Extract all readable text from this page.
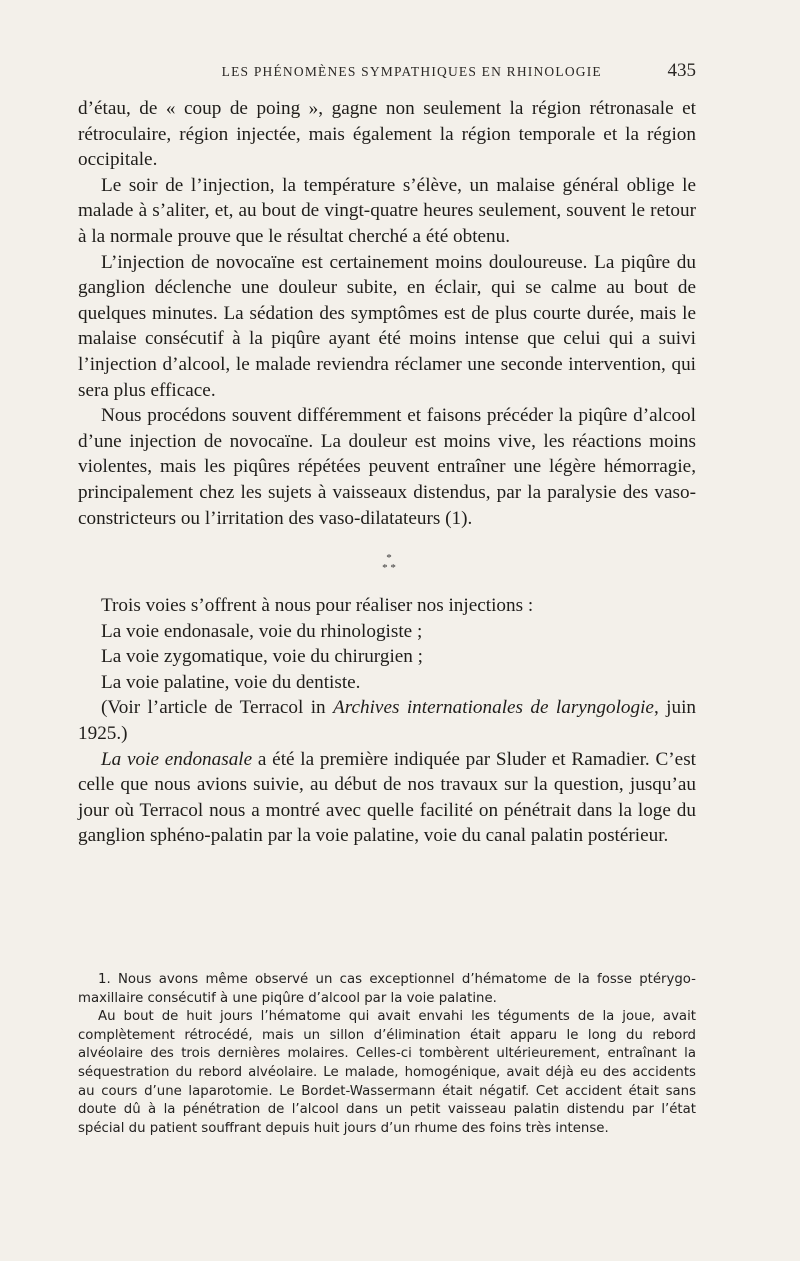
LES PHÉNOMÈNES SYMPATHIQUES EN RHINOLOGIE	435

d’étau, de « coup de poing », gagne non seulement la région rétronasale et rétroculaire, région injectée, mais également la région temporale et la région occipitale.

Le soir de l’injection, la température s’élève, un malaise général oblige le malade à s’aliter, et, au bout de vingt-quatre heures seulement, souvent le retour à la normale prouve que le résultat cherché a été obtenu.

L’injection de novocaïne est certainement moins douloureuse. La piqûre du ganglion déclenche une douleur subite, en éclair, qui se calme au bout de quelques minutes. La sédation des symptômes est de plus courte durée, mais le malaise consécutif à la piqûre ayant été moins intense que celui qui a suivi l’injection d’alcool, le malade reviendra réclamer une seconde intervention, qui sera plus efficace.

Nous procédons souvent différemment et faisons précéder la piqûre d’alcool d’une injection de novocaïne. La douleur est moins vive, les réactions moins violentes, mais les piqûres répétées peuvent entraîner une légère hémorragie, principalement chez les sujets à vaisseaux distendus, par la paralysie des vaso-constricteurs ou l’irritation des vaso-dilatateurs (1).

*
* *

Trois voies s’offrent à nous pour réaliser nos injections :

La voie endonasale, voie du rhinologiste ;

La voie zygomatique, voie du chirurgien ;

La voie palatine, voie du dentiste.

(Voir l’article de Terracol in Archives internationales de laryngologie, juin 1925.)

La voie endonasale a été la première indiquée par Sluder et Ramadier. C’est celle que nous avions suivie, au début de nos travaux sur la question, jusqu’au jour où Terracol nous a montré avec quelle facilité on pénétrait dans la loge du ganglion sphéno-palatin par la voie palatine, voie du canal palatin postérieur.

1. Nous avons même observé un cas exceptionnel d’hématome de la fosse ptérygo-maxillaire consécutif à une piqûre d’alcool par la voie palatine.

Au bout de huit jours l’hématome qui avait envahi les téguments de la joue, avait complètement rétrocédé, mais un sillon d’élimination était apparu le long du rebord alvéolaire des trois dernières molaires. Celles-ci tombèrent ultérieurement, entraînant la séquestration du rebord alvéolaire. Le malade, homogénique, avait déjà eu des accidents au cours d’une laparotomie. Le Bordet-Wassermann était négatif. Cet accident était sans doute dû à la pénétration de l’alcool dans un petit vaisseau palatin distendu par l’état spécial du patient souffrant depuis huit jours d’un rhume des foins très intense.
